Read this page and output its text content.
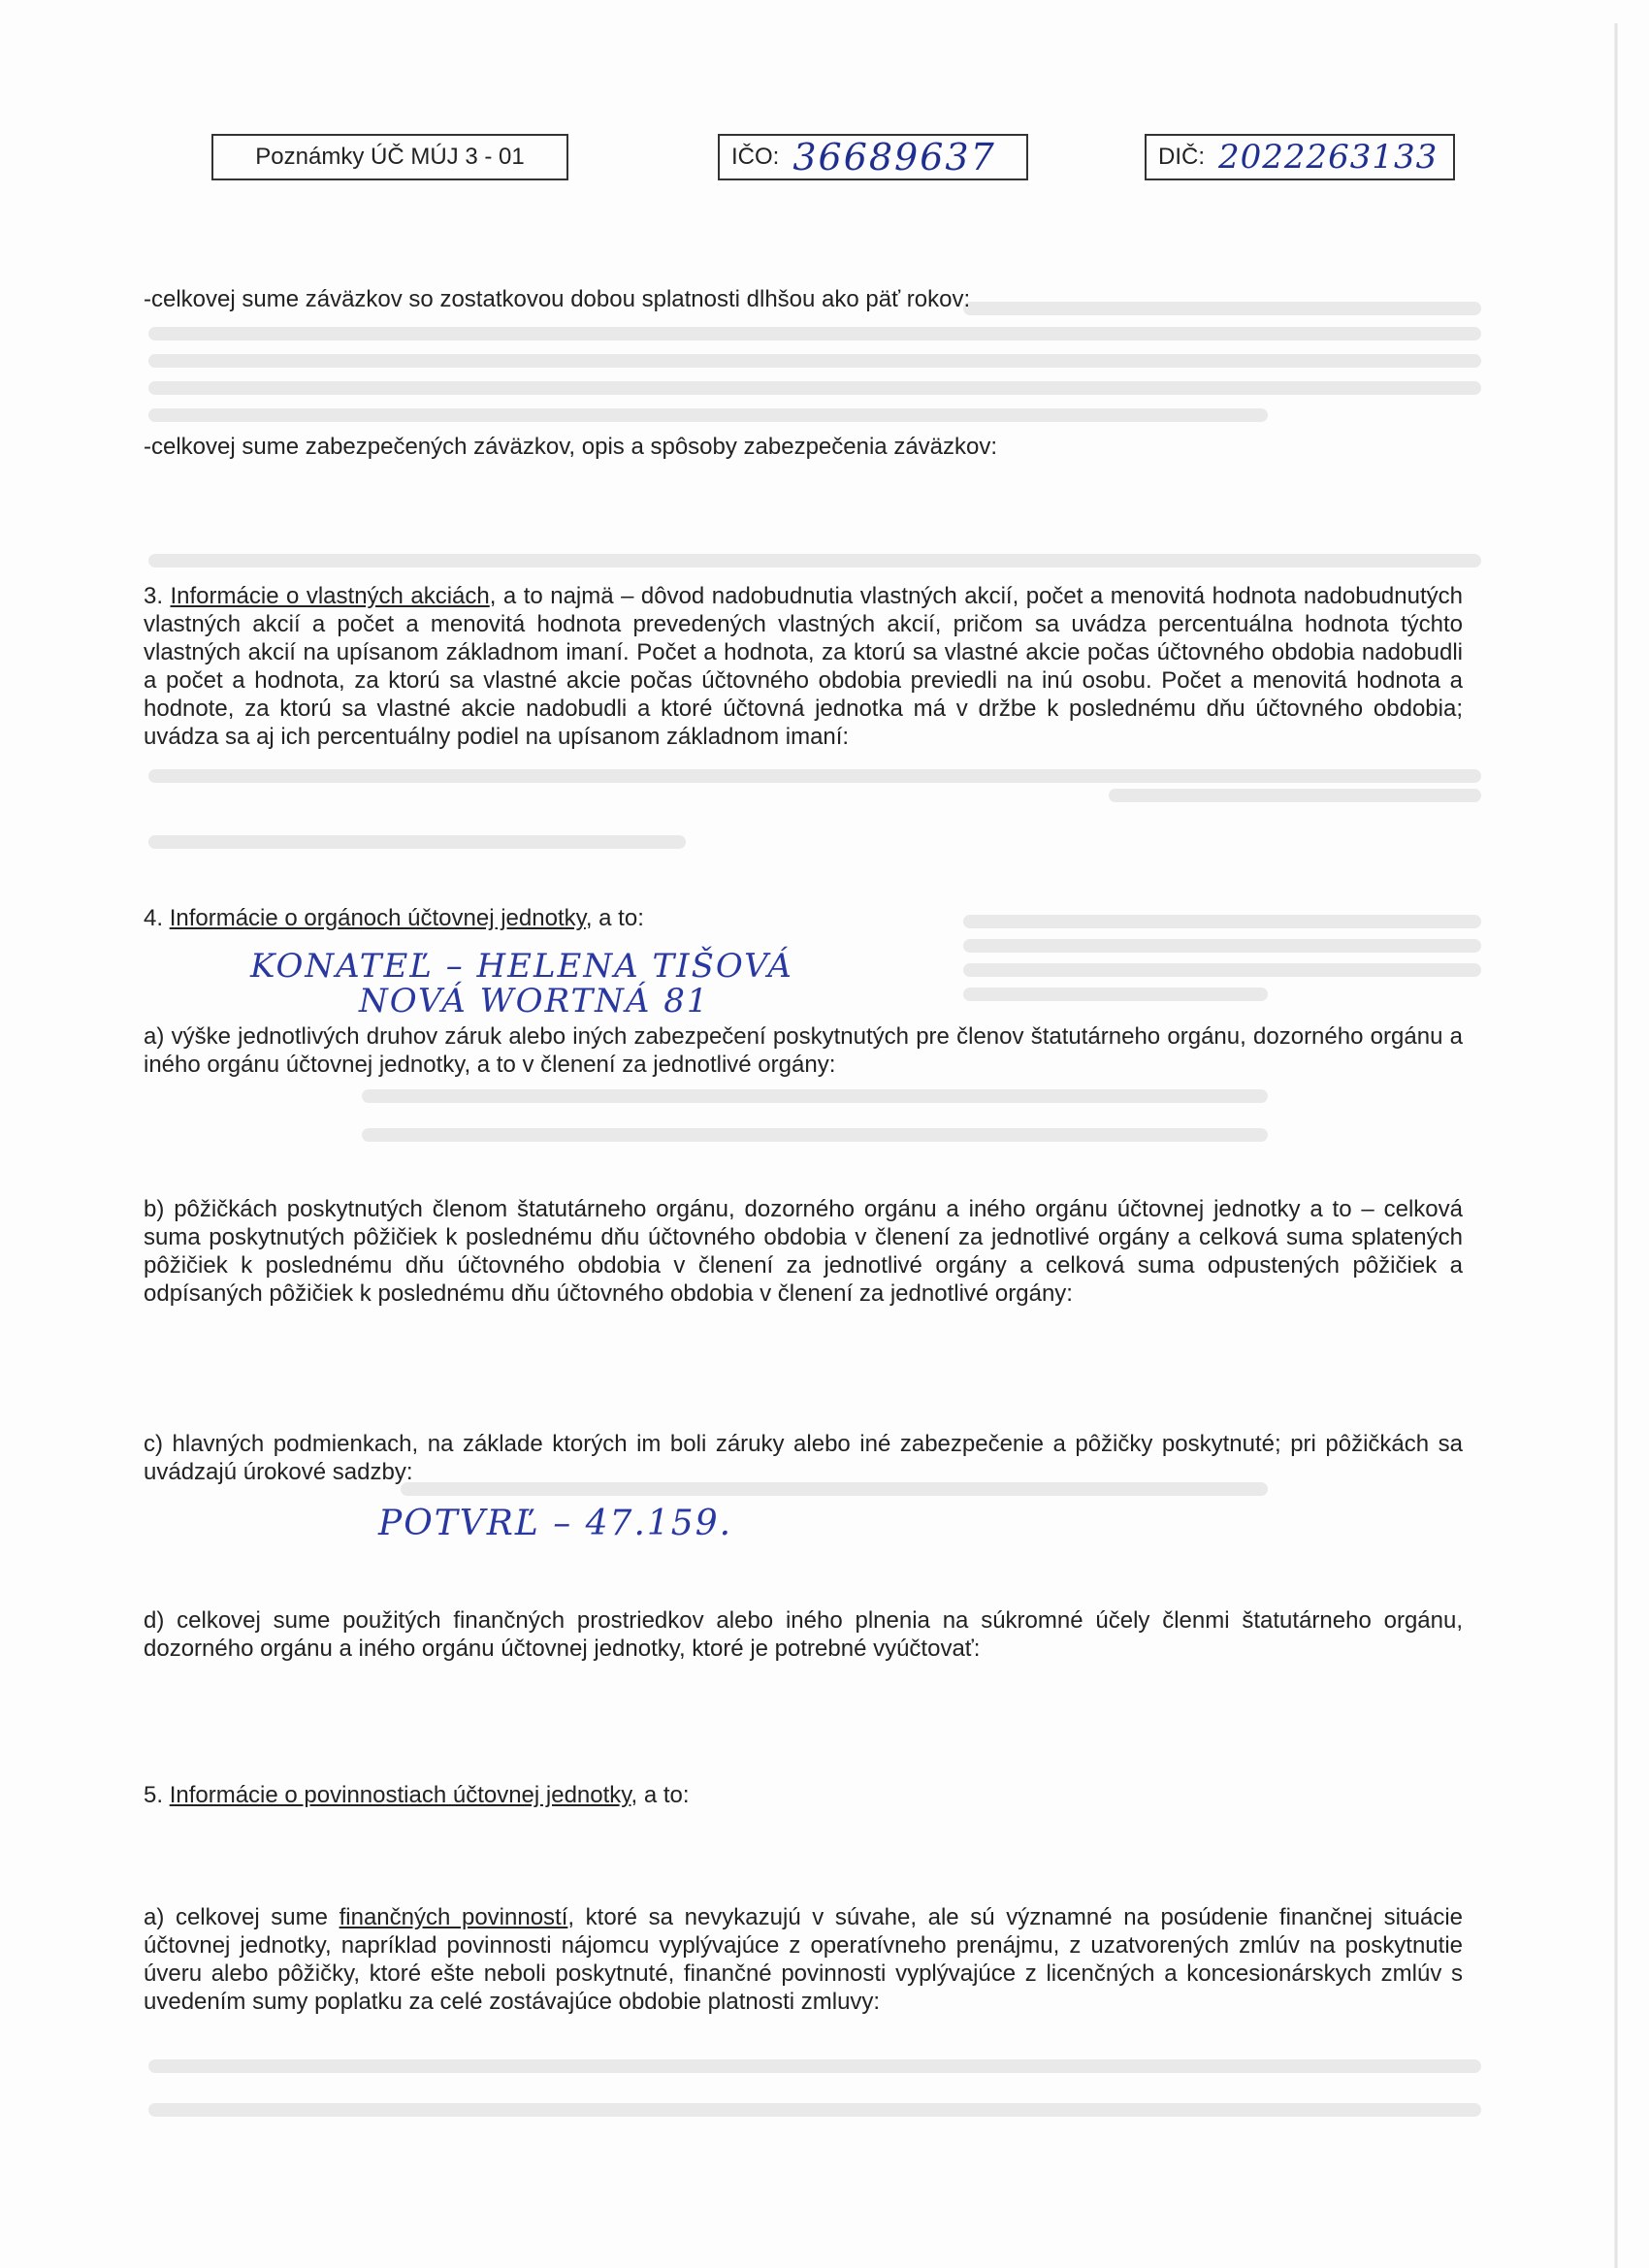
Poznámky ÚČ MÚJ 3 - 01	IČO: 36689637	DIČ: 2022263133

-celkovej sume záväzkov so zostatkovou dobou splatnosti dlhšou ako päť rokov:

-celkovej sume zabezpečených záväzkov, opis a spôsoby zabezpečenia záväzkov:

3. Informácie o vlastných akciách, a to najmä – dôvod nadobudnutia vlastných akcií, počet a menovitá hodnota nadobudnutých vlastných akcií a počet a menovitá hodnota prevedených vlastných akcií, pričom sa uvádza percentuálna hodnota týchto vlastných akcií na upísanom základnom imaní. Počet a hodnota, za ktorú sa vlastné akcie počas účtovného obdobia nadobudli a počet a hodnota, za ktorú sa vlastné akcie počas účtovného obdobia previedli na inú osobu. Počet a menovitá hodnota a hodnote, za ktorú sa vlastné akcie nadobudli a ktoré účtovná jednotka má v držbe k poslednému dňu účtovného obdobia; uvádza sa aj ich percentuálny podiel na upísanom základnom imaní:

4. Informácie o orgánoch účtovnej jednotky, a to:

KONATEĽ – HELENA TIŠOVÁ
NOVÁ WORTNÁ 81

a) výške jednotlivých druhov záruk alebo iných zabezpečení poskytnutých pre členov štatutárneho orgánu, dozorného orgánu a iného orgánu účtovnej jednotky, a to v členení za jednotlivé orgány:

b) pôžičkách poskytnutých členom štatutárneho orgánu, dozorného orgánu a iného orgánu účtovnej jednotky a to – celková suma poskytnutých pôžičiek k poslednému dňu účtovného obdobia v členení za jednotlivé orgány a celková suma splatených pôžičiek k poslednému dňu účtovného obdobia v členení za jednotlivé orgány a celková suma odpustených pôžičiek a odpísaných pôžičiek k poslednému dňu účtovného obdobia v členení za jednotlivé orgány:

c) hlavných podmienkach, na základe ktorých im boli záruky alebo iné zabezpečenie a pôžičky poskytnuté; pri pôžičkách sa uvádzajú úrokové sadzby:

POTVRĽ – 47.159.

d) celkovej sume použitých finančných prostriedkov alebo iného plnenia na súkromné účely členmi štatutárneho orgánu, dozorného orgánu a iného orgánu účtovnej jednotky, ktoré je potrebné vyúčtovať:

5. Informácie o povinnostiach účtovnej jednotky, a to:

a) celkovej sume finančných povinností, ktoré sa nevykazujú v súvahe, ale sú významné na posúdenie finančnej situácie účtovnej jednotky, napríklad povinnosti nájomcu vyplývajúce z operatívneho prenájmu, z uzatvorených zmlúv na poskytnutie úveru alebo pôžičky, ktoré ešte neboli poskytnuté, finančné povinnosti vyplývajúce z licenčných a koncesionárskych zmlúv s uvedením sumy poplatku za celé zostávajúce obdobie platnosti zmluvy:
